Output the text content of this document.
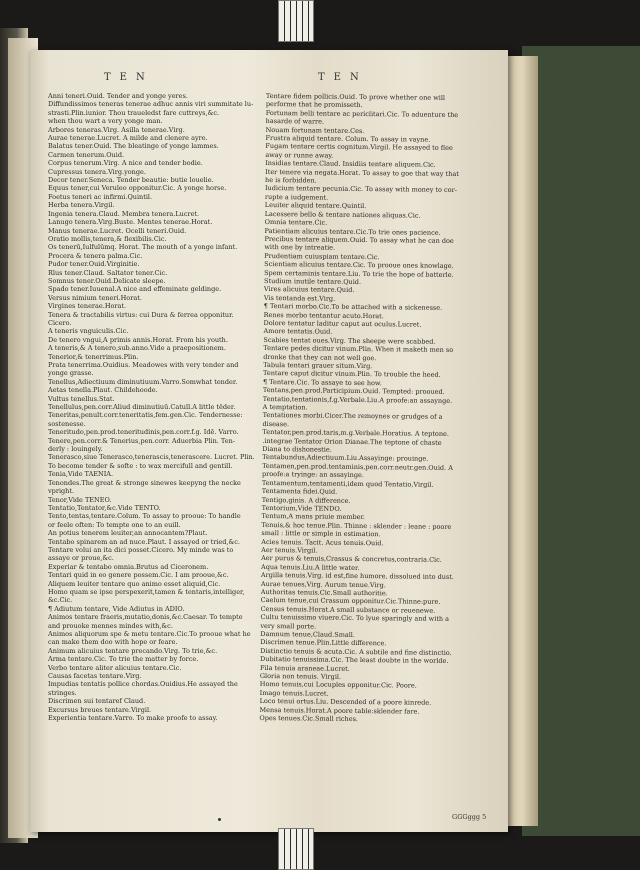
TEN	TEN
Anni teneri.Ouid. Tender and yonge yeres.
Diffundissimos teneras tenerae adhuc annis viri summitate lu-
strasti.Plin.iunior. Thou traueledst fare cuttreys,&c.
when thou wart a very yonge man.
Arbores teneras.Virg. Asilla tenerae.Virg.
Aurae tenerae.Lucret. A milde and clenere ayre.
Balatus tener.Ouid. The bleatinge of yonge lammes.
Carmen tenerum.Ouid.
Corpus tenerum.Virg. A nice and tender bodie.
Cupressus tenera.Virg.yonge.
Decor tener.Seneca. Tender beautie: butie louelie.
Equus tener,cui Veruleo opponitur.Cic. A yonge horse.
Foetus teneri ac infirmi.Quintil.
Herba tenera.Virgil.
Ingenia tenera.Claud. Membra tenera.Lucret.
Lanugo tenera.Virg.Buste. Mentes tenerae.Horat.
Manus tenerae.Lucret. Ocelli teneri.Ouid.
Oratio mollis,tenera,& flexibilis.Cic.
Os tenerū,Iulfulūmq. Horat. The mouth of a yonge infant.
Procera & tenera palma.Cic.
Pudor tener.Ouid.Virginitie.
Rīus tener.Claud. Saltator tener.Cic.
Somnus tener.Ouid.Delicate sleepe.
Spado tener.Iuuenal.A nice and effeminate geldinge.
Versus nimium teneri.Horat.
Virgines tenerae.Horat.
Tenera & tractabilis virtus: cui Dura & ferrea opponitur.
Cicero.
A teneris vnguiculis.Cic.
De tenero vngui,A primis annis.Horat. From his youth.
A teneris,& A tenero,sub.anno.Vide a praepositionem.
Tenerior,& tenerrimus.Plin.
Prata tenerrima.Ouidius. Meadowes with very tender and
yonge grasse.
Tenellus,Adiectiuum diminutiuum.Varro.Somwhat tender.
Aetas tenella.Plaut. Childehoode.
Vultus tenellus.Stat.
Tenellulus,pen.corr.Aliud diminutiuū.Catull.A little tēder.
Teneritas,penult.corr.teneritatis,fem.gen.Cic. Tendernesse:
sostenesse.
Teneritudo,pen.prod.teneritudinis,pen.corr.f.g. Idē. Varro.
Tenere,pen.corr.& Tenerius,pen.corr. Aduerbia Plin. Ten-
derly : louingely.
Tenerasco,siue Tenerasco,tenerascis,tenerascere. Lucret. Plin.
To become tender & softe : to wax mercifull and gentill.
Tenia,Vide TAENIA.
Tenondes.The great & stronge sinewes keepyng the necke
vpright.
Tenor,Vide TENEO.
Tentatio,Tentator,&c.Vide TENTO.
Tento,tentas,tentare.Colum. To assay to prooue: To handle
or feele often: To tempte one to an euill.
An potius tenerem leuiter,an annocantem?Plaut.
Tentabo spinarem an ad nuce.Plaut. I assayed or tried,&c.
Tentare volui an ita dici posset.Cicero. My minde was to
assaye or proue,&c.
Experiar & tentabo omnia.Brutus ad Ciceronem.
Tentari quid in eo genere possem.Cic. I am prooue,&c.
Aliquem leuiter tentare quo animo esset aliquid,Cic.
Homo quam se ipse perspexerit,tamen & tentaris,intelliger,
&c.Cic.
¶ Adiutum tentare, Vide Adiutus in ADIO.
Animos tentare fraeris,mutatio,donis,&c.Caesar. To tempte
and prouoke mennes mindes with,&c.
Animos aliquorum spe & metu tentare.Cic.To prooue what he
can make them doo with hope or feare.
Animum alicuius tentare precando.Virg. To trie,&c.
Arma tentare.Cic. To trie the matter by force.
Verbo tentare aliter alicuius tentare.Cic.
Causas facetas tentare.Virg.
Impudias tentatis pollice chordas.Ouidius.He assayed the
stringes.
Discrimen sui tentaref Claud.
Excursus breues tentare.Virgil.
Experientia tentare.Varro. To make proofe to assay.
Tentare fidem pollicis.Ouid. To prove whether one will
performe that he promisseth.
Fortunam belli tentare ac periclitari.Cic. To aduenture the
hasarde of warre.
Nouam fortunam tentare.Ces.
Frustra aliquid tentare. Colum. To assay in vayne.
Fugam tentare certis cognitum.Virgil. He assayed to flee
away or runne away.
Insidias tentare.Claud. Insidiis tentare aliquem.Cic.
Iter tenere via negata.Horat. To assay to goe that way that
he is forbidden.
Iudicium tentare pecunia.Cic. To assay with money to cor-
rupte a iudgement.
Leuiter aliquid tentare.Quintil.
Lacessere bello & tentare nationes aliquas.Cic.
Omnia tentare.Cic.
Patientiam alicuius tentare.Cic.To trie ones pacience.
Precibus tentare aliquem.Ouid. To assay what he can doe
with one by intreatie.
Prudentiam cuiuspiam tentare.Cic.
Scientiam alicuius tentare.Cic. To prooue ones knowlage.
Spem certaminis tentare.Liu. To trie the hope of batterle.
Studium inutile tentare.Quid.
Vires alicuius tentare.Quid.
Vis tentanda est.Virg.
¶ Tentari morbo.Cic.To be attached with a sickenesse.
Renes morbo tentantur acuto.Horat.
Dolore tentatur laditur caput aut oculus.Lucret.
Amore tentatis.Ouid.
Scabies tentat oues.Virg. The sheepe were scabbed.
Tentare pedes dicitur vinum.Plin. When it maketh men so
dronke that they can not well goe.
Tabula tentari grauer situm.Virg.
Tentare caput dicitur vinum.Plin. To trouble the heed.
¶ Tentare.Cic. To assaye to see how.
Tentans,pen.prod.Participium.Ouid. Tempted: prooued.
Tentatio,tentationis,f.g.Verbale.Liu.A proofe:an assaynge.
A temptation.
Tentationes morbi.Cicer.The remoynes or grudges of a
disease.
Tentator,pen.prod.taris,m.g.Verbale.Horatius. A teptone.
.integrae Tentator Orion Dianae.The teptone of chaste
Diana to dishonestie.
Tentabundus,Adiectiuum.Liu.Assayinge: prouinge.
Tentamen,pen.prod.tentaminis,pen.corr.neutr.gen.Ouid. A
proofe:a tryinge: an assayinge.
Tentamentum,tentamenti,idem quod Tentatio,Virgil.
Tentamenta fidei.Quid.
Tentigo,ginis. A difference.
Tentorium,Vide TENDO.
Tentum,A mans priuie member.
Tenuis,& hoc tenue.Plin. Thinne : sklender : leane : poore
small : little or simple in estimation.
Acies tenuis. Tacit. Acus tenuis.Ouid.
Aer tenuis.Virgil.
Aer purus & tenuis,Crassus & concretus,contraria.Cic.
Aqua tenuis.Liu.A little water.
Argilla tenuis.Virg. id est,fine humore, dissolued into dust.
Aurae tenues,Virg. Aurum tenue.Virg.
Authoritas tenuis.Cic.Small authoritie.
Caelum tenue,cui Crassum opponitur.Cic.Thinne:pure.
Census tenuis.Horat.A small substance or reuenewe.
Cultu tenuissimo viuere.Cic. To lyue sparingly and with a
very small porte.
Damnum tenue,Claud.Small.
Discrimen tenue.Plin.Little difference.
Distinctio tenuis & acuta.Cic. A subtile and fine distinctio.
Dubitatio tenuissima.Cic. The least doubte in the worlde.
Fila tenuia araneae.Lucret.
Gloria non tenuis. Virgil.
Homo tenuis,cui Locuples opponitur.Cic. Poore.
Imago tenuis.Lucret.
Loco tenui ortus.Liu. Descended of a poore kinrede.
Mensa tenuis.Horat.A poore table:sklender fare.
Opes tenues.Cic.Small riches.
GGGggg 5
